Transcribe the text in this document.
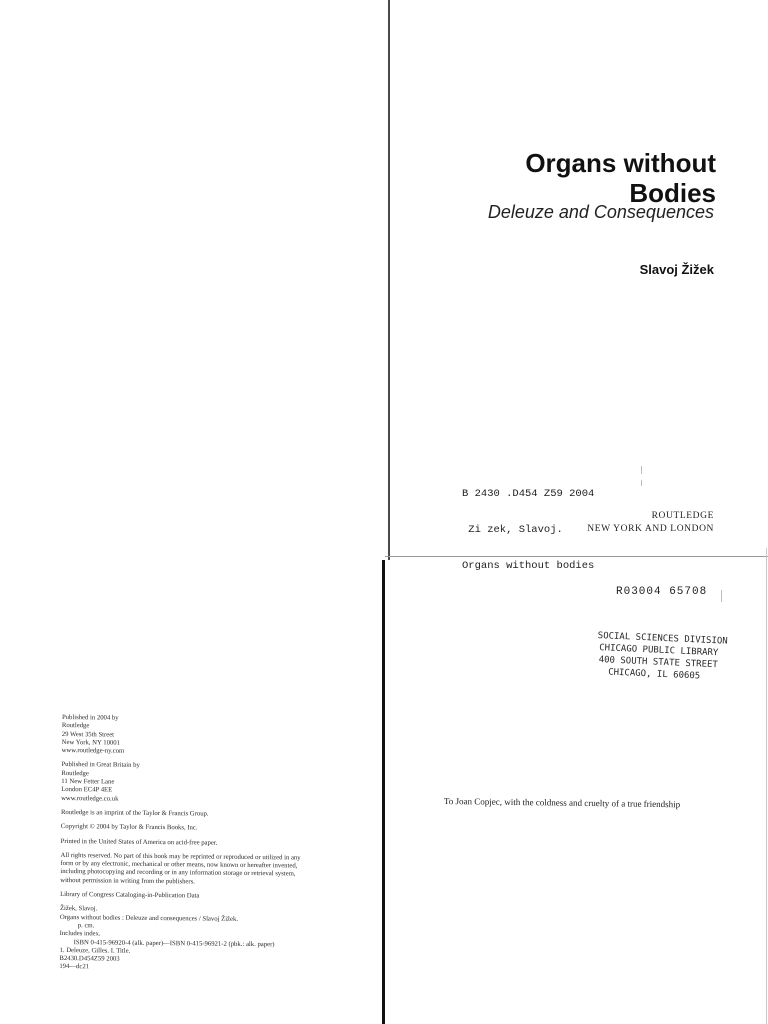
Organs without
Bodies
Deleuze and Consequences
Slavoj Žižek

B 2430 .D454 Z59 2004

Zi zek, Slavoj.

Organs without bodies

ROUTLEDGE
NEW YORK AND LONDON
R03004 65708
SOCIAL SCIENCES DIVISION
CHICAGO PUBLIC LIBRARY
400 SOUTH STATE STREET
CHICAGO, IL 60605
To Joan Copjec, with the coldness and cruelty of a true friendship
Published in 2004 by
Routledge
29 West 35th Street
New York, NY 10001
www.routledge-ny.com
Published in Great Britain by
Routledge
11 New Fetter Lane
London EC4P 4EE
www.routledge.co.uk
Routledge is an imprint of the Taylor & Francis Group.
Copyright © 2004 by Taylor & Francis Books, Inc.
Printed in the United States of America on acid-free paper.
All rights reserved. No part of this book may be reprinted or reproduced or utilized in any
form or by any electronic, mechanical or other means, now known or hereafter invented,
including photocopying and recording or in any information storage or retrieval system,
without permission in writing from the publishers.
Library of Congress Cataloging-in-Publication Data
Žižek, Slavoj.
Organs without bodies : Deleuze and consequences / Slavoj Žižek.
p. cm.
Includes index.
ISBN 0-415-96920-4 (alk. paper)—ISBN 0-415-96921-2 (pbk.: alk. paper)
1. Deleuze, Gilles. I. Title.
B2430.D454Z59 2003
194—dc21
